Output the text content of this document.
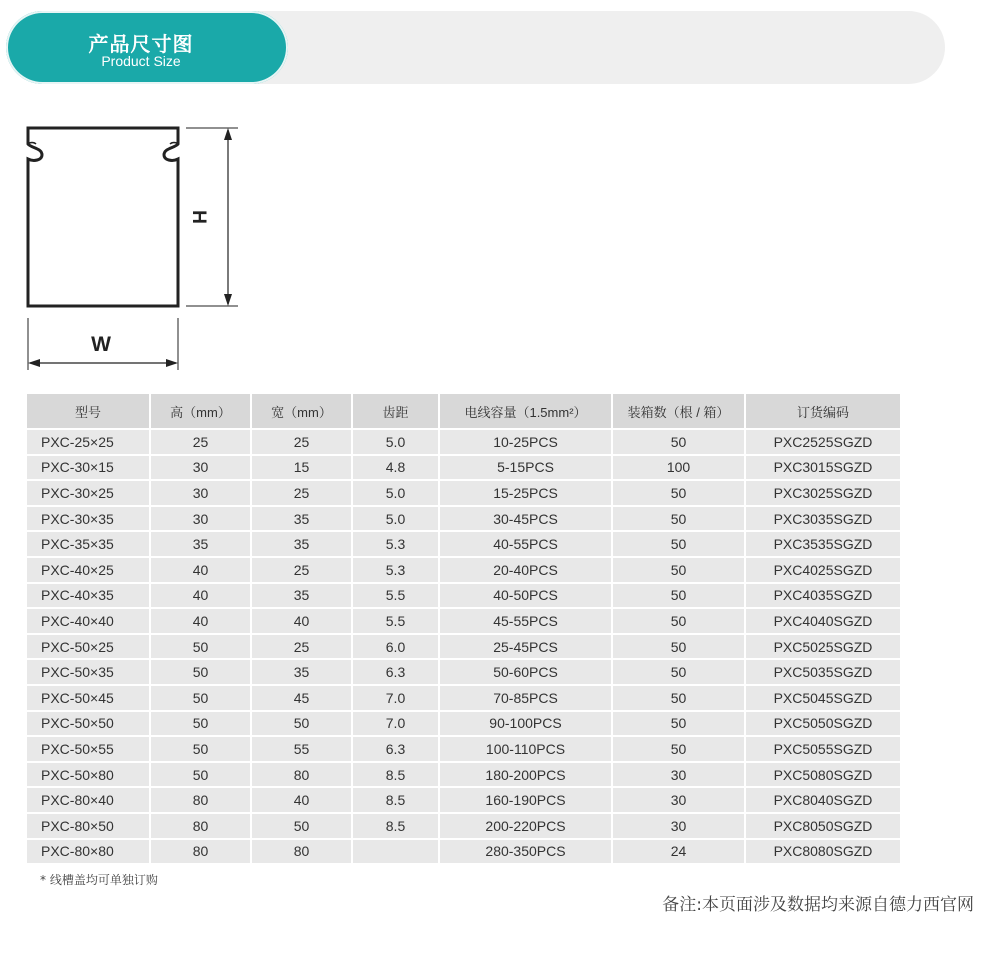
产品尺寸图
Product Size
H
W
型号	高（mm）	宽（mm）	齿距	电线容量（1.5mm²）	装箱数（根 / 箱）	订货编码
PXC-25×25	25	25	5.0	10-25PCS	50	PXC2525SGZD
PXC-30×15	30	15	4.8	5-15PCS	100	PXC3015SGZD
PXC-30×25	30	25	5.0	15-25PCS	50	PXC3025SGZD
PXC-30×35	30	35	5.0	30-45PCS	50	PXC3035SGZD
PXC-35×35	35	35	5.3	40-55PCS	50	PXC3535SGZD
PXC-40×25	40	25	5.3	20-40PCS	50	PXC4025SGZD
PXC-40×35	40	35	5.5	40-50PCS	50	PXC4035SGZD
PXC-40×40	40	40	5.5	45-55PCS	50	PXC4040SGZD
PXC-50×25	50	25	6.0	25-45PCS	50	PXC5025SGZD
PXC-50×35	50	35	6.3	50-60PCS	50	PXC5035SGZD
PXC-50×45	50	45	7.0	70-85PCS	50	PXC5045SGZD
PXC-50×50	50	50	7.0	90-100PCS	50	PXC5050SGZD
PXC-50×55	50	55	6.3	100-110PCS	50	PXC5055SGZD
PXC-50×80	50	80	8.5	180-200PCS	30	PXC5080SGZD
PXC-80×40	80	40	8.5	160-190PCS	30	PXC8040SGZD
PXC-80×50	80	50	8.5	200-220PCS	30	PXC8050SGZD
PXC-80×80	80	80		280-350PCS	24	PXC8080SGZD
* 线槽盖均可单独订购
备注:本页面涉及数据均来源自德力西官网
